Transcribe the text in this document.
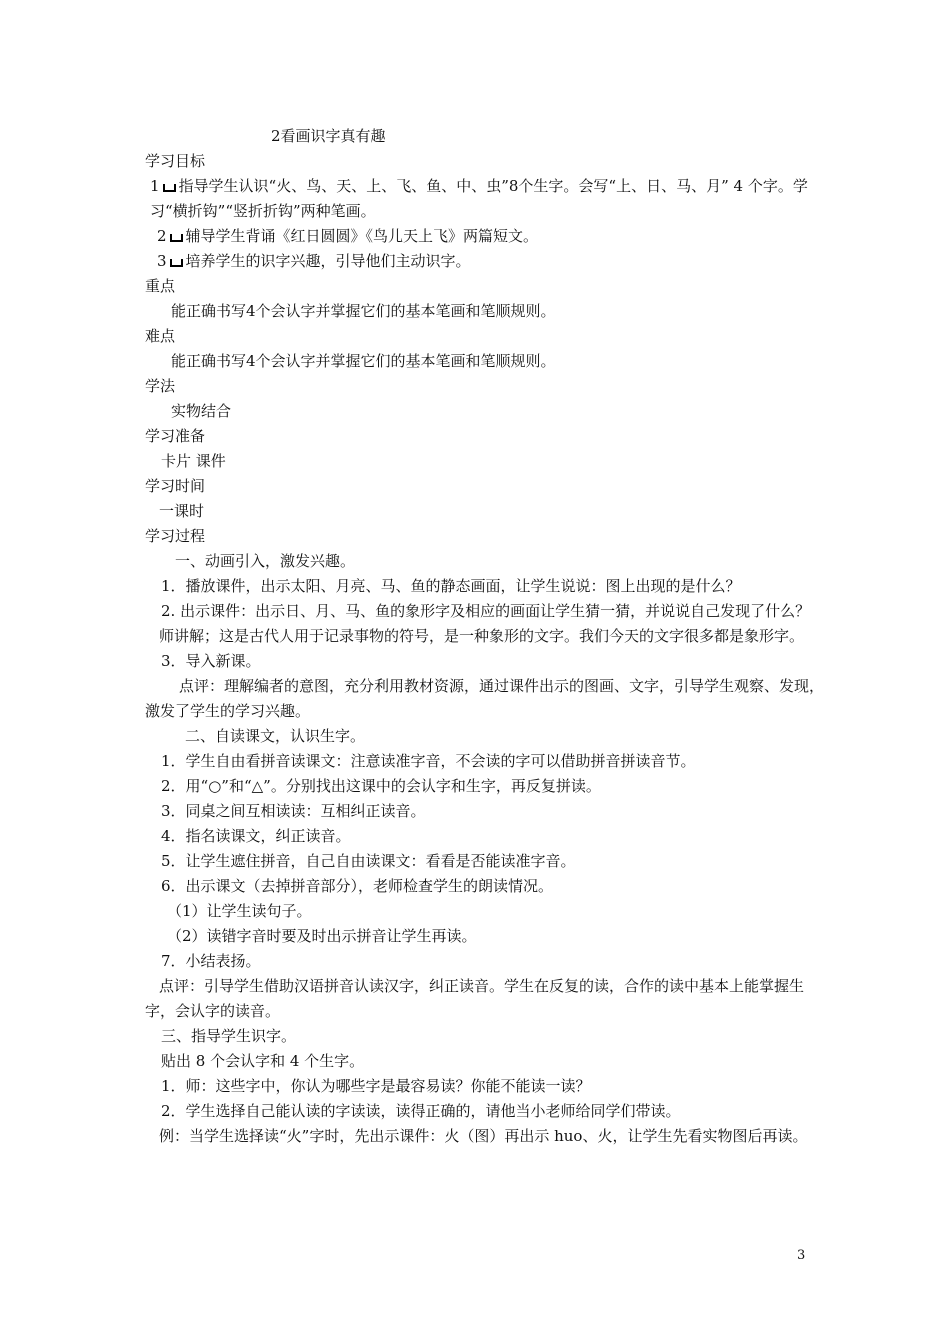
2看画识字真有趣
学习目标
1 指导学生认识“火、鸟、天、上、飞、鱼、中、虫”8个生字。会写“上、日、马、月” 4 个字。学习“横折钩”“竖折折钩”两种笔画。
2 辅导学生背诵《红日圆圆》《鸟儿天上飞》两篇短文。
3 培养学生的识字兴趣，引导他们主动识字。
重点
能正确书写4个会认字并掌握它们的基本笔画和笔顺规则。
难点
能正确书写4个会认字并掌握它们的基本笔画和笔顺规则。
学法
实物结合
学习准备
卡片 课件
学习时间
一课时
学习过程
一、动画引入，激发兴趣。
1．播放课件，出示太阳、月亮、马、鱼的静态画面，让学生说说：图上出现的是什么？
2. 出示课件：出示日、月、马、鱼的象形字及相应的画面让学生猜一猜，并说说自己发现了什么？
师讲解；这是古代人用于记录事物的符号，是一种象形的文字。我们今天的文字很多都是象形字。
3．导入新课。
点评：理解编者的意图，充分利用教材资源，通过课件出示的图画、文字，引导学生观察、发现，激发了学生的学习兴趣。
二、自读课文，认识生字。
1．学生自由看拼音读课文：注意读准字音，不会读的字可以借助拼音拼读音节。
2．用“○”和“△”。分别找出这课中的会认字和生字，再反复拼读。
3．同桌之间互相读读：互相纠正读音。
4．指名读课文，纠正读音。
5．让学生遮住拼音，自己自由读课文：看看是否能读准字音。
6．出示课文（去掉拼音部分），老师检查学生的朗读情况。
（1）让学生读句子。
（2）读错字音时要及时出示拼音让学生再读。
7．小结表扬。
点评：引导学生借助汉语拼音认读汉字，纠正读音。学生在反复的读，合作的读中基本上能掌握生字，会认字的读音。
三、指导学生识字。
贴出 8 个会认字和 4 个生字。
1．师：这些字中，你认为哪些字是最容易读？你能不能读一读？
2．学生选择自己能认读的字读读，读得正确的，请他当小老师给同学们带读。
例：当学生选择读“火”字时，先出示课件：火（图）再出示 huo、火，让学生先看实物图后再读。
3
